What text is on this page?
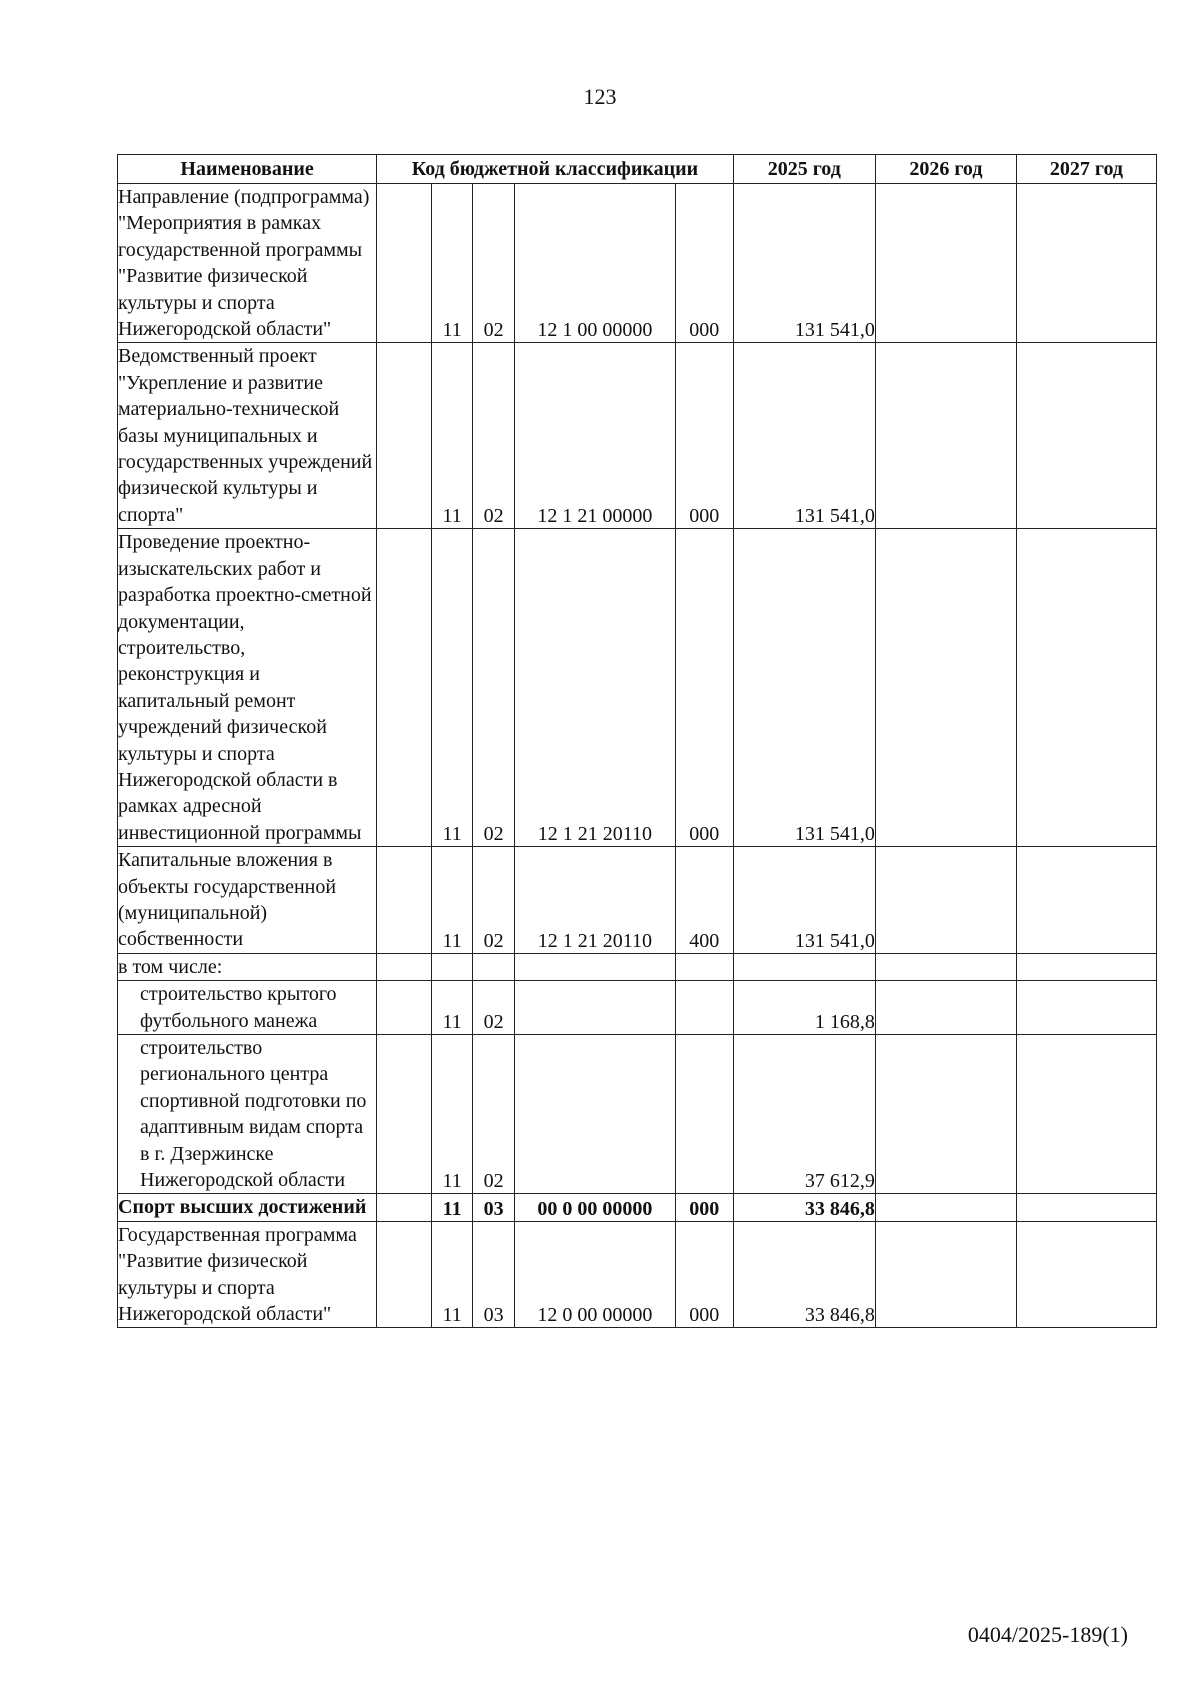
123
Наименование	Код бюджетной классификации					2025 год	2026 год	2027 год
Направление (подпрограмма) "Мероприятия в рамках государственной программы "Развитие физической культуры и спорта Нижегородской области"		11	02	12 1 00 00000	000	131 541,0		
Ведомственный проект "Укрепление и развитие материально-технической базы муниципальных и государственных учреждений физической культуры и спорта"		11	02	12 1 21 00000	000	131 541,0		
Проведение проектно-изыскательских работ и разработка проектно-сметной документации, строительство, реконструкция и капитальный ремонт учреждений физической культуры и спорта Нижегородской области в рамках адресной инвестиционной программы		11	02	12 1 21 20110	000	131 541,0		
Капитальные вложения в объекты государственной (муниципальной) собственности		11	02	12 1 21 20110	400	131 541,0		
в том числе:								
строительство крытого футбольного манежа		11	02			1 168,8		
строительство регионального центра спортивной подготовки по адаптивным видам спорта в г. Дзержинске Нижегородской области		11	02			37 612,9		
Спорт высших достижений		11	03	00 0 00 00000	000	33 846,8		
Государственная программа "Развитие физической культуры и спорта Нижегородской области"		11	03	12 0 00 00000	000	33 846,8		
0404/2025-189(1)
